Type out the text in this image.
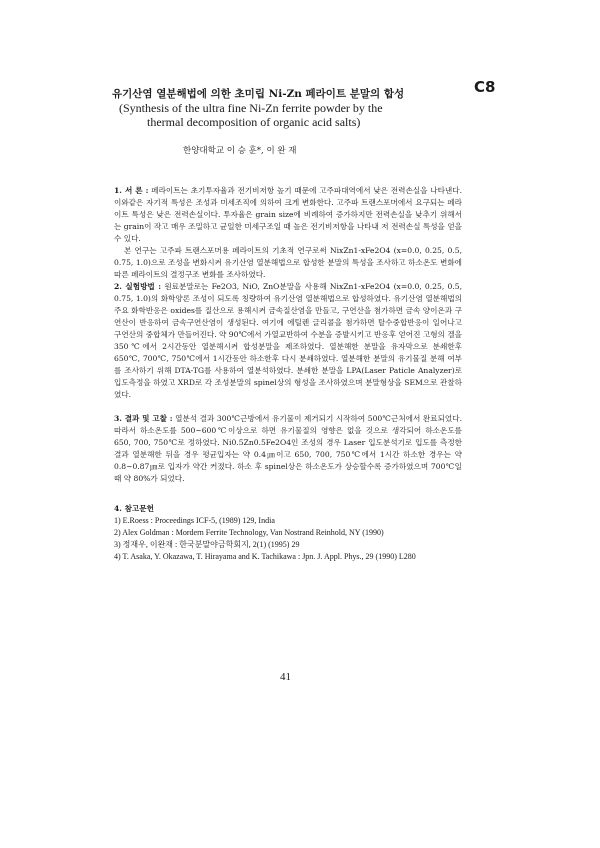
C8
유기산염 열분해법에 의한 초미립 Ni-Zn 페라이트 분말의 합성
(Synthesis of the ultra fine Ni-Zn ferrite powder by the
thermal decomposition of organic acid salts)
한양대학교 이 승 훈*, 이 완 재

1. 서 론 : 페라이트는 초기투자율과 전기비저항 높기 때문에 고주파대역에서 낮은 전력손실을 나타낸다. 이와같은 자기적 특성은 조성과 미세조직에 의하여 크게 변화한다. 고주파 트랜스포머에서 요구되는 페라이트 특성은 낮은 전력손실이다. 투자율은 grain size에 비례하여 증가하지만 전력손실을 낮추기 위해서는 grain이 작고 매우 조밀하고 균일한 미세구조일 때 높은 전기비저항을 나타내 저 전력손실 특성을 얻을 수 있다.

본 연구는 고주파 트랜스포머용 페라이트의 기초적 연구로써 NixZn1-xFe2O4 (x=0.0, 0.25, 0.5, 0.75, 1.0)으로 조성을 변화시켜 유기산염 열분해법으로 합성한 분말의 특성을 조사하고 하소온도 변화에 따른 페라이트의 결정구조 변화를 조사하였다.

2. 실험방법 : 원료분말로는 Fe2O3, NiO, ZnO분말을 사용해 NixZn1-xFe2O4 (x=0.0, 0.25, 0.5, 0.75, 1.0)의 화학양론 조성이 되도록 칭량하여 유기산염 열분해법으로 합성하였다. 유기산염 열분해법의 주요 화학반응은 oxides를 질산으로 용해시켜 금속질산염을 만들고, 구연산을 첨가하면 금속 양이온과 구연산이 반응하여 금속구연산염이 생성된다. 여기에 에틸렌 글리콜을 첨가하면 탈수중합반응이 일어나고 구연산의 중합체가 만들어진다. 약 90℃에서 가열교반하여 수분을 증발시키고 반응후 얻어진 고형의 겔을 350℃에서 2시간동안 열분해시켜 합성분말을 제조하였다. 열분해한 분말을 유자막으로 분쇄한후 650℃, 700℃, 750℃에서 1시간동안 하소한후 다시 분쇄하였다. 열분해한 분말의 유기물질 분해 여부를 조사하기 위해 DTA-TG를 사용하여 열분석하였다. 분쇄한 분말을 LPA(Laser Paticle Analyzer)로 입도측정을 하였고 XRD로 각 조성분말의 spinel상의 형성을 조사하였으며 분말형상을 SEM으로 관찰하였다.

3. 결과 및 고찰 : 열분석 결과 300℃근방에서 유기물이 제거되기 시작하여 500℃근처에서 완료되었다. 따라서 하소온도를 500~600℃이상으로 하면 유기물질의 영향은 없을 것으로 생각되어 하소온도를 650, 700, 750℃로 정하였다. Ni0.5Zn0.5Fe2O4인 조성의 경우 Laser 입도분석기로 입도를 측정한 결과 열분해한 뒤을 경우 평균입자는 약 0.4㎛이고 650, 700, 750℃에서 1시간 하소한 경우는 약 0.8~0.87㎛로 입자가 약간 커졌다. 하소 후 spinel상은 하소온도가 상승할수록 증가하였으며 700℃일 때 약 80%가 되었다.

4. 참고문헌

1) E.Roess : Proceedings ICF-5, (1989) 129, India
2) Alex Goldman : Mordern Ferrite Technology, Van Nostrand Reinhold, NY (1990)
3) 정재우, 이완재 : 한국분말야금학회지, 2(1) (1995) 29
4) T. Asaka, Y. Okazawa, T. Hirayama and K. Tachikawa : Jpn. J. Appl. Phys., 29 (1990) L280
41
